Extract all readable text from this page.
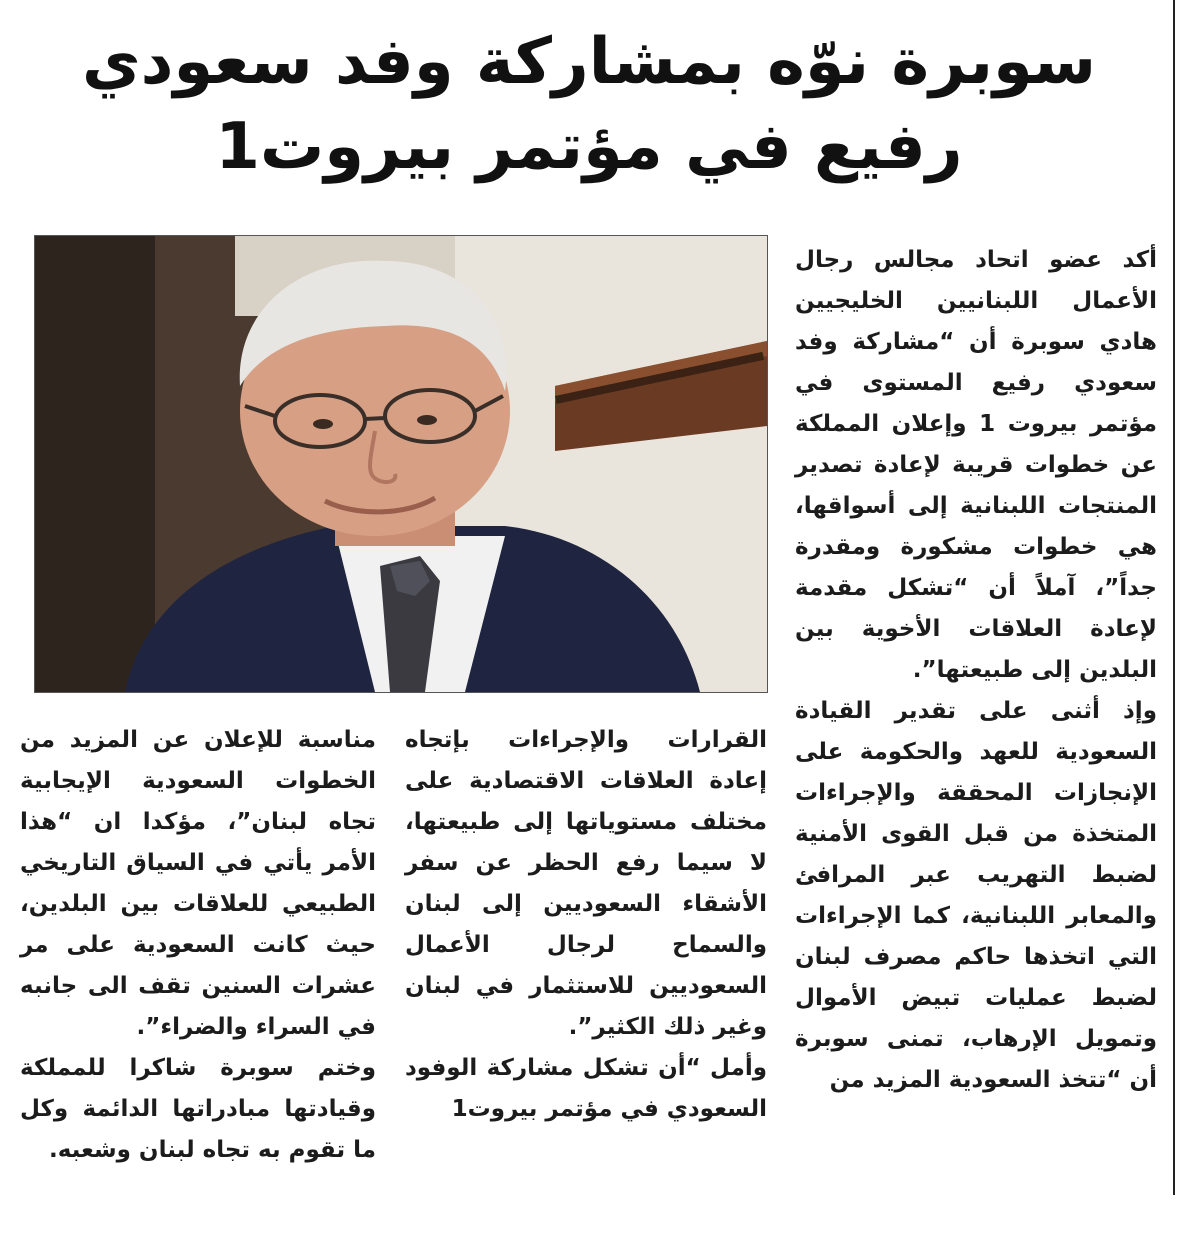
سوبرة نوّه بمشاركة وفد سعودي
رفيع في مؤتمر بيروت1

أكد عضو اتحاد مجالس رجال الأعمال اللبنانيين الخليجيين هادي سوبرة أن “مشاركة وفد سعودي رفيع المستوى في مؤتمر بيروت 1 وإعلان المملكة عن خطوات قريبة لإعادة تصدير المنتجات اللبنانية إلى أسواقها، هي خطوات مشكورة ومقدرة جداً”، آملاً أن “تشكل مقدمة لإعادة العلاقات الأخوية بين البلدين إلى طبيعتها”.

وإذ أثنى على تقدير القيادة السعودية للعهد والحكومة على الإنجازات المحققة والإجراءات المتخذة من قبل القوى الأمنية لضبط التهريب عبر المرافئ والمعابر اللبنانية، كما الإجراءات التي اتخذها حاكم مصرف لبنان لضبط عمليات تبيض الأموال وتمويل الإرهاب، تمنى سوبرة أن “تتخذ السعودية المزيد من

القرارات والإجراءات بإتجاه إعادة العلاقات الاقتصادية على مختلف مستوياتها إلى طبيعتها، لا سيما رفع الحظر عن سفر الأشقاء السعوديين إلى لبنان والسماح لرجال الأعمال السعوديين للاستثمار في لبنان وغير ذلك الكثير”.

وأمل “أن تشكل مشاركة الوفود السعودي في مؤتمر بيروت1

مناسبة للإعلان عن المزيد من الخطوات السعودية الإيجابية تجاه لبنان”، مؤكدا ان “هذا الأمر يأتي في السياق التاريخي الطبيعي للعلاقات بين البلدين، حيث كانت السعودية على مر عشرات السنين تقف الى جانبه في السراء والضراء”.

وختم سوبرة شاكرا للمملكة وقيادتها مبادراتها الدائمة وكل ما تقوم به تجاه لبنان وشعبه.
